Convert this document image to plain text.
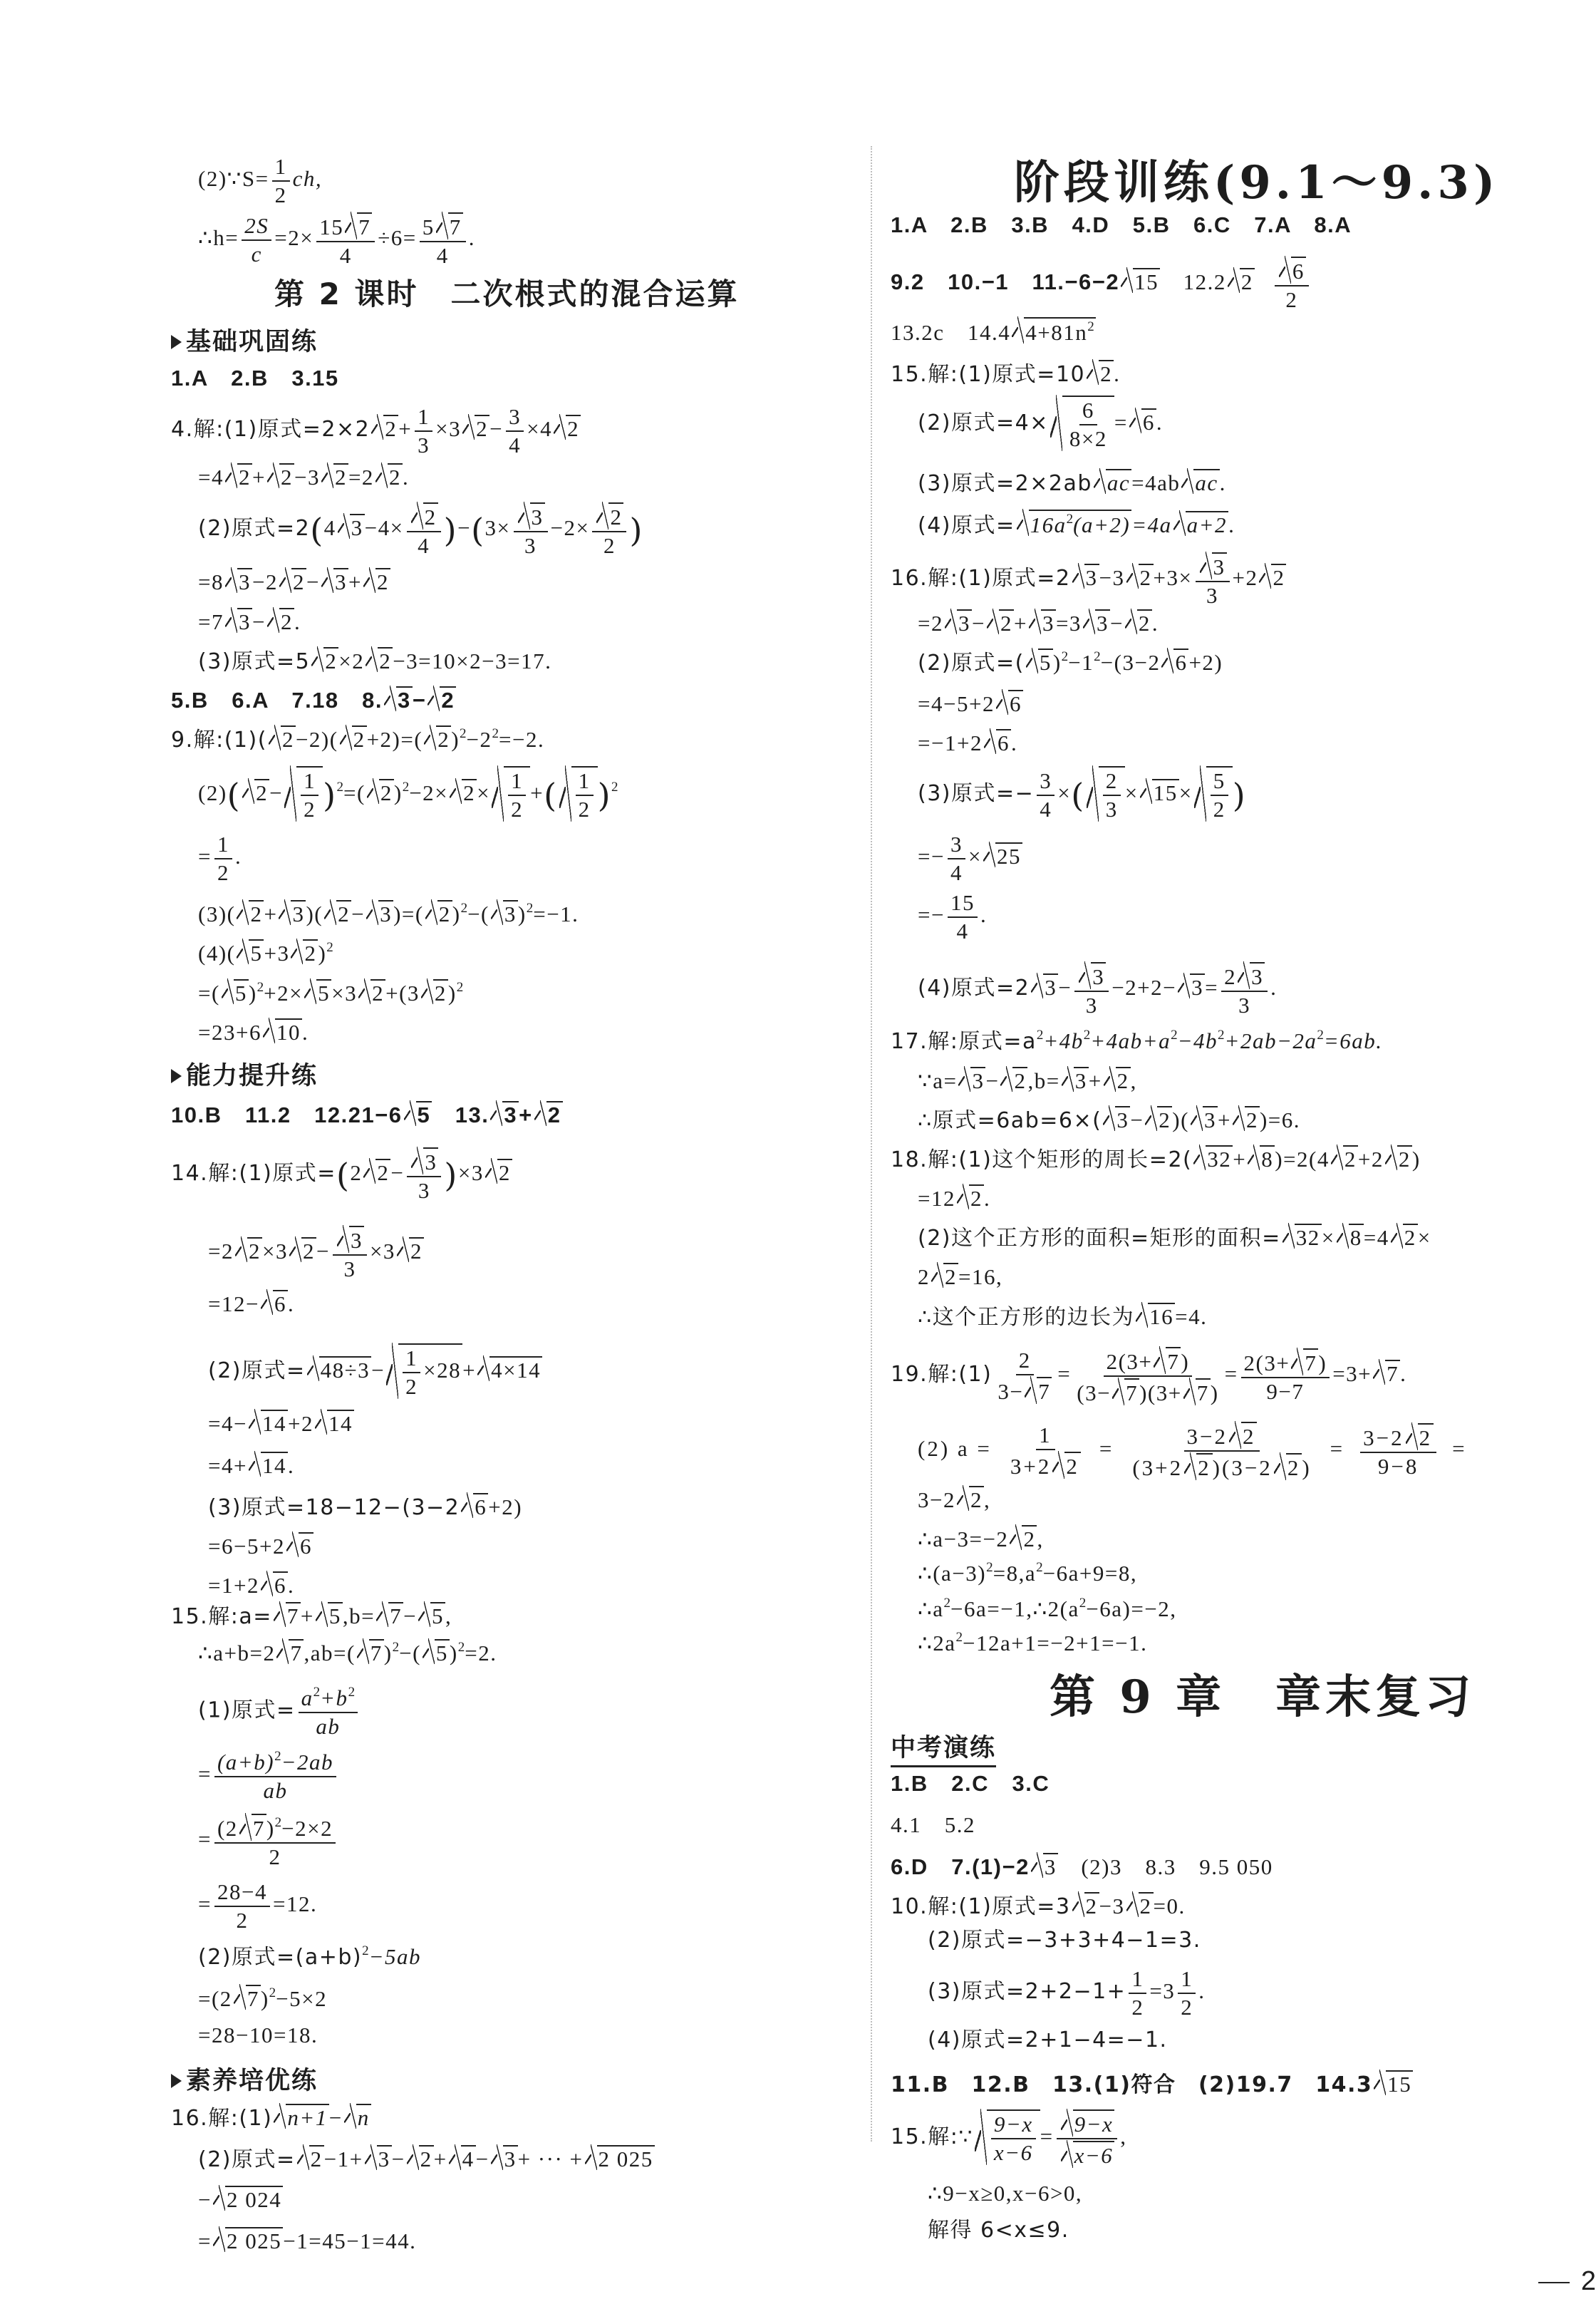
(2)∵S= $\frac{1}{2}$ ch,
∴h= $\frac{2S}{c} =2\times \frac{15 7}{4} \div 6= \frac{5 7}{4}$ .
第 2 课时　二次根式的混合运算
基础巩固练
1.A　2.B　3.15
4.解:(1)原式=2×2 $2+ \frac{1}{3} \times 3$ $2- \frac{3}{4} \times 4$ 2
=4 2+ 2−3 2=2 2.
(2)原式=2(4 $3-4\times \frac{2}{4} )-(3\times \frac{3}{3} -2\times \frac{2}{2}$ )
=8 3−2 2− 3+ 2
=7 3− 2.
(3)原式=5 2×2 2−3=10×2−3=17.
5.B　6.A　7.18　8. 3− 2
9.解:(1)( 2−2)( 2+2)=( $2)^2-2^2=-2$.
(2)( $2- \frac{1}{2} )^2=$( $2)^2-2\times 2\times \frac{1}{2}$ +( $\frac{1}{2} )^2$
= $\frac{1}{2}$ .
(3)( 2+ 3)( 2− 3)=( 2)$^2$−( 3)$^2$=−1.
(4)( 5+3 2)$^2$
=( 5)$^2$+2× 5×3 2+(3 2)$^2$
=23+6 10.
能力提升练
10.B　11.2　12.21−6 5　13. 3+ 2
14.解:(1)原式=(2 $2- \frac{3}{3} )\times 3$ 2
=2 2×3 $2- \frac{3}{3} \times 3$ 2
=12− 6.
(2)原式= $48\div 3- \frac{1}{2} \times 28+ 4\times 14$
=4− 14+2 14
=4+ 14.
(3)原式=18−12−(3−2 6+2)
=6−5+2 6
=1+2 6.
15.解:a= 7+ 5,b= 7− 5,
∴a+b=2 7,ab=( 7)$^2$−( 5)$^2$=2.
(1)原式= $\frac{a^2+b^2}{ab}$
= $\frac{(a+b)^2-2ab}{ab}$
= $\frac{(2 7)^2-2\times 2}{2}$
= $\frac{28-4}{2} =12$.
(2)原式$=(a+b)^2-5ab$
=(2 7)$^2$−5×2
=28−10=18.
素养培优练
16.解:(1) n+1− n
(2)原式= 2−1+ 3− 2+ 4− 3+ ··· + 2 025
− 2 024
= 2 025−1=45−1=44.
阶段训练(9.1～9.3)
1.A　2.B　3.B　4.D　5.B　6.C　7.A　8.A
9.2　10.−1　11.−6−2 15　12.2 $2 \frac{6}{2}$
13.2c　14.4 $4+81n^2$
15.解:(1)原式=10 2.
(2)原式$=4\times \frac{6}{8\times 2} = 6$.
(3)原式=2×2ab ac=4ab ac.
(4)原式= $16a^2(a+2)=4a$ a+2.
16.解:(1)原式=2 3−3 $2+3\times \frac{3}{3} +2$ 2
=2 3− 2+ 3=3 3− 2.
(2)原式=( $5)^2-1^2-(3-2$ 6+2)
=4−5+2 6
=−1+2 6.
(3)原式=− $\frac{3}{4}$ ×( $\frac{2}{3} \times 15\times \frac{5}{2}$ )
=− $\frac{3}{4} \times 25$
=− $\frac{15}{4}$ .
(4)原式=2 $3- \frac{3}{3} -2+2- 3= \frac{2 3}{3}$ .
17.解:原式$=a^2+4b^2+4ab+a^2-4b^2+2ab-2a^2=6ab$.
∵a= 3− 2,b= 3+ 2,
∴原式=6ab=6×( 3− 2)( 3+ 2)=6.
18.解:(1)这个矩形的周长=2( 32+ 8)=2(4 2+2 2)
=12 2.
(2)这个正方形的面积=矩形的面积= 32× 8=4 2×
2 2=16,
∴这个正方形的边长为 16=4.
19.解:(1) $\frac{2}{3- 7} = \frac{2(3+ 7)}{(3- 7)(3+ 7)} = \frac{2(3+ 7)}{9-7} =3+ 7$.
(2) $a = \frac{1}{3+2 2} = \frac{3-2 2}{(3+2 2)(3-2 2)} = \frac{3-2 2}{9-8}$ =
3−2 2,
∴a−3=−2 2,
$\therefore(a-3)^2=8,a^2-6a+9=8$,
$\therefore a^2-6a=-1,\therefore 2(a^2-6a)=-2$,
$\therefore 2a^2-12a+1=-2+1=-1$.
第 9 章　章末复习
中考演练
1.B　2.C　3.C
4.1　5.2
6.D　7.(1)−2 3　(2)3　8.3　9.5 050
10.解:(1)原式=3 2−3 2=0.
(2)原式=−3+3+4−1=3.
(3)原式$=2+2-1+ \frac{1}{2} =3 \frac{1}{2}$ .
(4)原式=2+1−4=−1.
11.B　12.B　13.(1)符合　(2)19.7　14.3 15
15.解:∵ $\frac{9-x}{x-6} = \frac{9-x}{x-6}$ ,
∴9−x≥0,x−6>0,
解得 6<x≤9.
2
